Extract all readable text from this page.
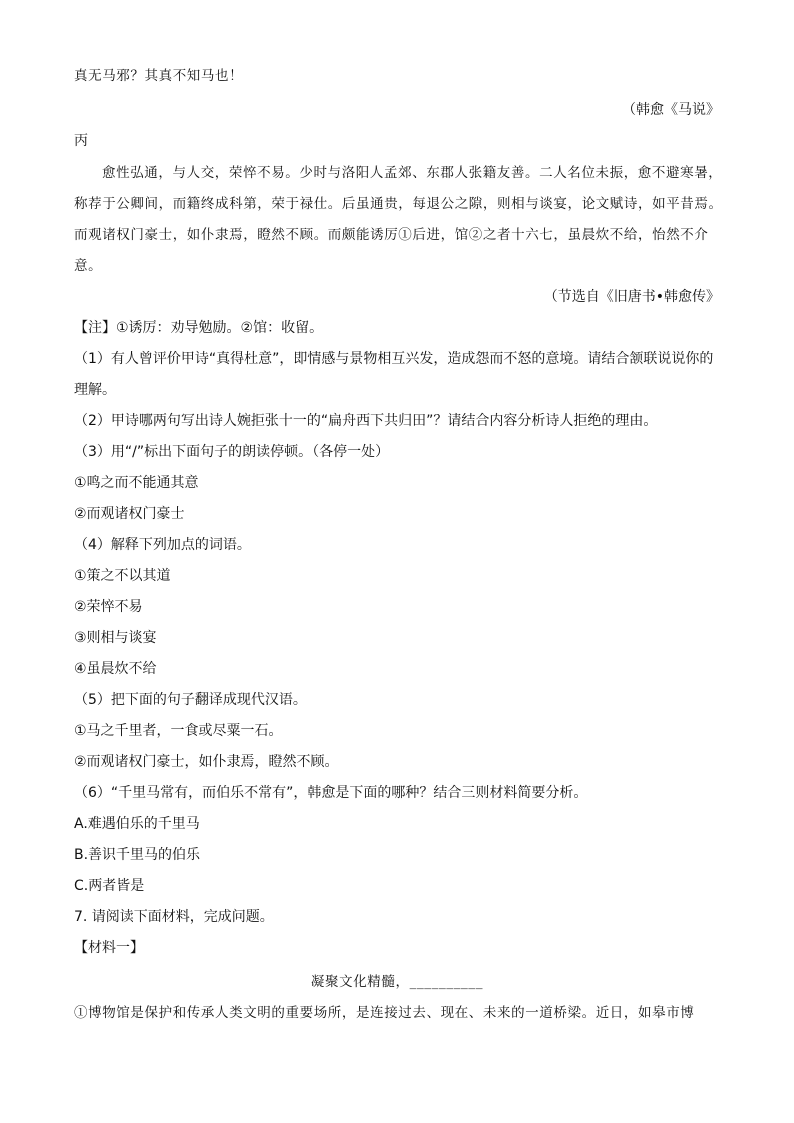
真无马邪？其真不知马也！
（韩愈《马说》
丙
愈性弘通，与人交，荣悴不易。少时与洛阳人孟郊、东郡人张籍友善。二人名位未振，愈不避寒暑，
称荐于公卿间，而籍终成科第，荣于禄仕。后虽通贵，每退公之隙，则相与谈宴，论文赋诗，如平昔焉。
而观诸权门豪士，如仆隶焉，瞪然不顾。而颇能诱厉①后进，馆②之者十六七，虽晨炊不给，怡然不介
意。
（节选自《旧唐书•韩愈传》
【注】①诱厉：劝导勉励。②馆：收留。
（1）有人曾评价甲诗“真得杜意”，即情感与景物相互兴发，造成怨而不怒的意境。请结合颔联说说你的
理解。
（2）甲诗哪两句写出诗人婉拒张十一的“扁舟西下共归田”？请结合内容分析诗人拒绝的理由。
（3）用“/”标出下面句子的朗读停顿。（各停一处）
①鸣之而不能通其意
②而观诸权门豪士
（4）解释下列加点的词语。
①策之不以其道
②荣悴不易
③则相与谈宴
④虽晨炊不给
（5）把下面的句子翻译成现代汉语。
①马之千里者，一食或尽粟一石。
②而观诸权门豪士，如仆隶焉，瞪然不顾。
（6）“千里马常有，而伯乐不常有”，韩愈是下面的哪种？结合三则材料简要分析。
A.难遇伯乐的千里马
B.善识千里马的伯乐
C.两者皆是
7. 请阅读下面材料，完成问题。
【材料一】
凝聚文化精髓，__________
①博物馆是保护和传承人类文明的重要场所，是连接过去、现在、未来的一道桥梁。近日，如皋市博
